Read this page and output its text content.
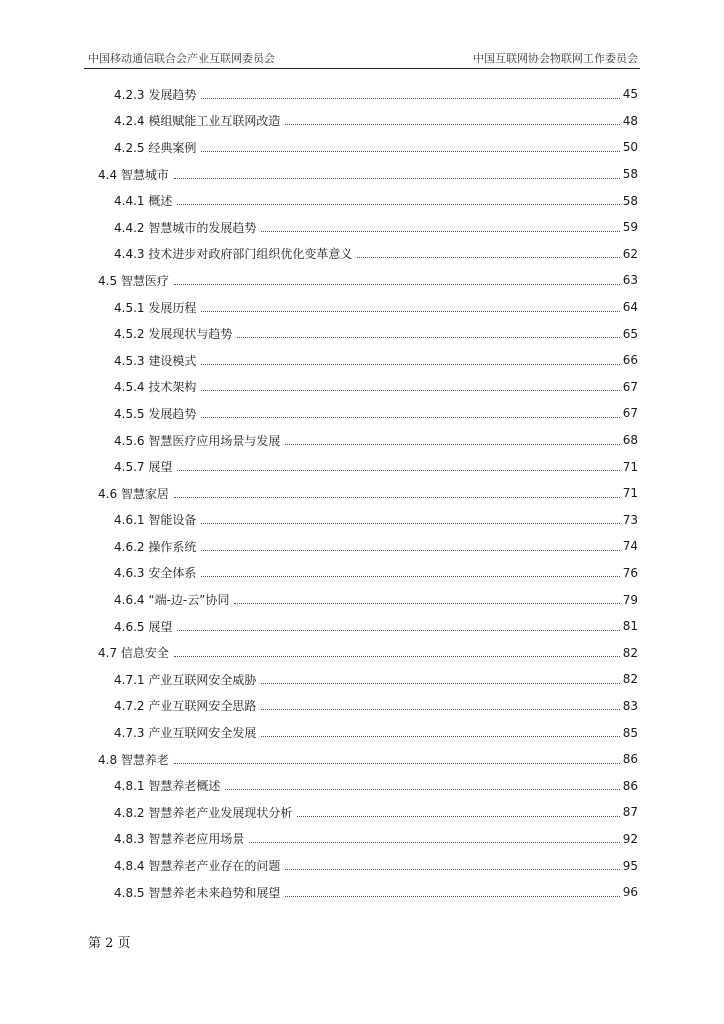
中国移动通信联合会产业互联网委员会	中国互联网协会物联网工作委员会
4.2.3 发展趋势	45
4.2.4 模组赋能工业互联网改造	48
4.2.5 经典案例	50
4.4 智慧城市	58
4.4.1 概述	58
4.4.2 智慧城市的发展趋势	59
4.4.3 技术进步对政府部门组织优化变革意义	62
4.5 智慧医疗	63
4.5.1 发展历程	64
4.5.2 发展现状与趋势	65
4.5.3 建设模式	66
4.5.4 技术架构	67
4.5.5 发展趋势	67
4.5.6 智慧医疗应用场景与发展	68
4.5.7 展望	71
4.6 智慧家居	71
4.6.1 智能设备	73
4.6.2 操作系统	74
4.6.3 安全体系	76
4.6.4 “端-边-云”协同	79
4.6.5 展望	81
4.7 信息安全	82
4.7.1 产业互联网安全威胁	82
4.7.2 产业互联网安全思路	83
4.7.3 产业互联网安全发展	85
4.8 智慧养老	86
4.8.1 智慧养老概述	86
4.8.2 智慧养老产业发展现状分析	87
4.8.3 智慧养老应用场景	92
4.8.4 智慧养老产业存在的问题	95
4.8.5 智慧养老未来趋势和展望	96
第 2 页
